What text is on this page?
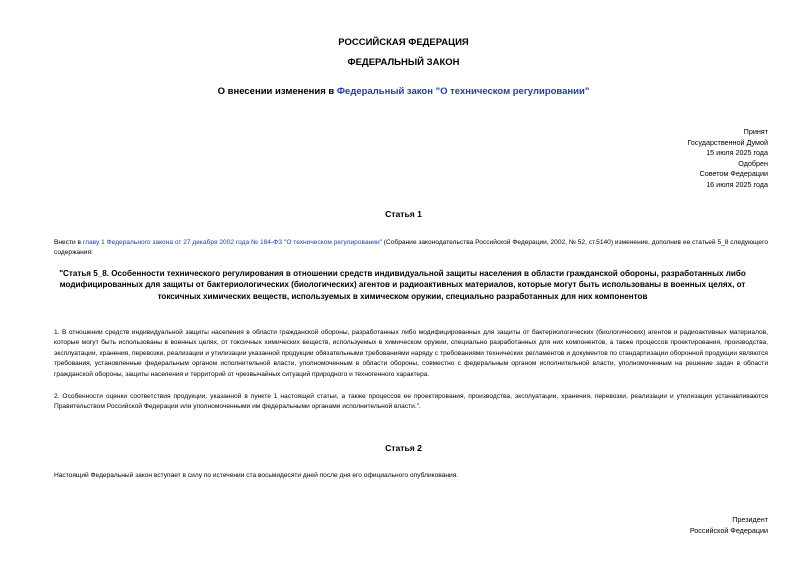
РОССИЙСКАЯ ФЕДЕРАЦИЯ
ФЕДЕРАЛЬНЫЙ ЗАКОН
О внесении изменения в Федеральный закон "О техническом регулировании"
Принят
Государственной Думой
15 июля 2025 года
Одобрен
Советом Федерации
16 июля 2025 года
Статья 1
Внести в главу 1 Федерального закона от 27 декабря 2002 года № 184-ФЗ "О техническом регулировании" (Собрание законодательства Российской Федерации, 2002, № 52, ст.5140) изменение, дополнив ее статьей 5_8 следующего содержания:
"Статья 5_8. Особенности технического регулирования в отношении средств индивидуальной защиты населения в области гражданской обороны, разработанных либо модифицированных для защиты от бактериологических (биологических) агентов и радиоактивных материалов, которые могут быть использованы в военных целях, от токсичных химических веществ, используемых в химическом оружии, специально разработанных для них компонентов
1. В отношении средств индивидуальной защиты населения в области гражданской обороны, разработанных либо модифицированных для защиты от бактериологических (биологических) агентов и радиоактивных материалов, которые могут быть использованы в военных целях, от токсичных химических веществ, используемых в химическом оружии, специально разработанных для них компонентов, а также процессов проектирования, производства, эксплуатации, хранения, перевозки, реализации и утилизации указанной продукции обязательными требованиями наряду с требованиями технических регламентов и документов по стандартизации оборонной продукции являются требования, установленные федеральным органом исполнительной власти, уполномоченным в области обороны, совместно с федеральным органом исполнительной власти, уполномоченным на решение задач в области гражданской обороны, защиты населения и территорий от чрезвычайных ситуаций природного и техногенного характера.
2. Особенности оценки соответствия продукции, указанной в пункте 1 настоящей статьи, а также процессов ее проектирования, производства, эксплуатации, хранения, перевозки, реализации и утилизации устанавливаются Правительством Российской Федерации или уполномоченными им федеральными органами исполнительной власти.".
Статья 2
Настоящий Федеральный закон вступает в силу по истечении ста восьмидесяти дней после дня его официального опубликования.
Президент
Российской Федерации
